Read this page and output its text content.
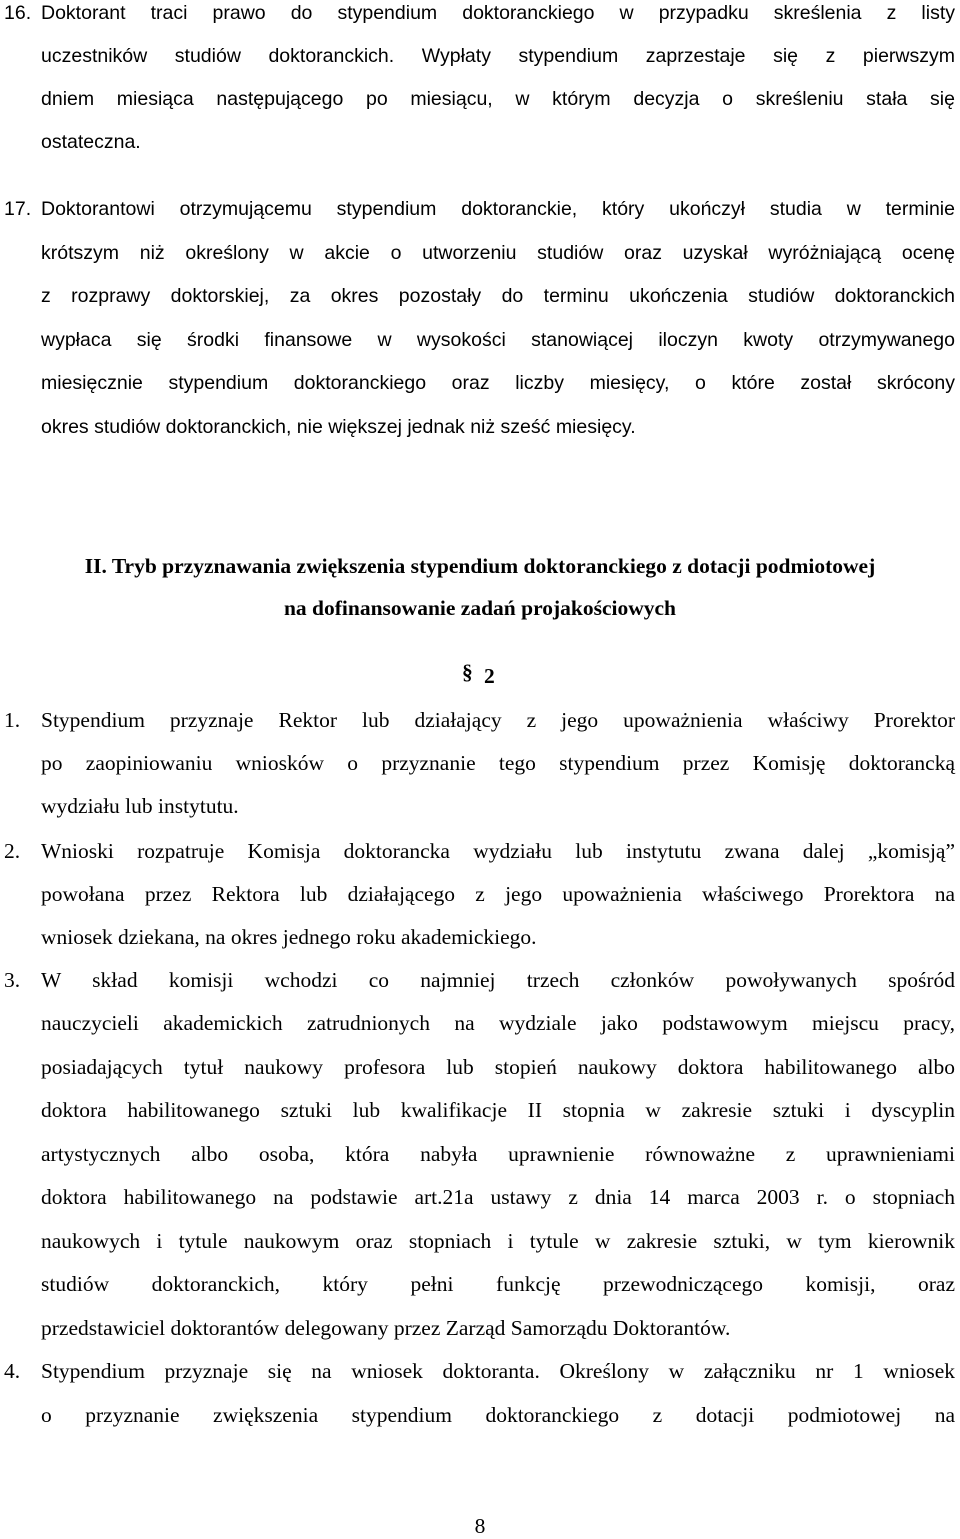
16. Doktorant traci prawo do stypendium doktoranckiego w przypadku skreślenia z listy
uczestników studiów doktoranckich. Wypłaty stypendium zaprzestaje się z pierwszym
dniem miesiąca następującego po miesiącu, w którym decyzja o skreśleniu stała się
ostateczna.
17. Doktorantowi otrzymującemu stypendium doktoranckie, który ukończył studia w terminie
krótszym niż określony w akcie o utworzeniu studiów oraz uzyskał wyróżniającą ocenę
z rozprawy doktorskiej, za okres pozostały do terminu ukończenia studiów doktoranckich
wypłaca się środki finansowe w wysokości stanowiącej iloczyn kwoty otrzymywanego
miesięcznie stypendium doktoranckiego oraz liczby miesięcy, o które został skrócony
okres studiów doktoranckich, nie większej jednak niż sześć miesięcy.
II. Tryb przyznawania zwiększenia stypendium doktoranckiego z dotacji podmiotowej
na dofinansowanie zadań projakościowych
§ 2
1. Stypendium przyznaje Rektor lub działający z jego upoważnienia właściwy Prorektor
po zaopiniowaniu wniosków o przyznanie tego stypendium przez Komisję doktorancką
wydziału lub instytutu.
2. Wnioski rozpatruje Komisja doktorancka wydziału lub instytutu zwana dalej „komisją”
powołana przez Rektora lub działającego z jego upoważnienia właściwego Prorektora na
wniosek dziekana, na okres jednego roku akademickiego.
3. W skład komisji wchodzi co najmniej trzech członków powoływanych spośród
nauczycieli akademickich zatrudnionych na wydziale jako podstawowym miejscu pracy,
posiadających tytuł naukowy profesora lub stopień naukowy doktora habilitowanego albo
doktora habilitowanego sztuki lub kwalifikacje II stopnia w zakresie sztuki i dyscyplin
artystycznych albo osoba, która nabyła uprawnienie równoważne z uprawnieniami
doktora habilitowanego na podstawie art.21a ustawy z dnia 14 marca 2003 r. o stopniach
naukowych i tytule naukowym oraz stopniach i tytule w zakresie sztuki, w tym kierownik
studiów doktoranckich, który pełni funkcję przewodniczącego komisji, oraz
przedstawiciel doktorantów delegowany przez Zarząd Samorządu Doktorantów.
4. Stypendium przyznaje się na wniosek doktoranta. Określony w załączniku nr 1 wniosek
o przyznanie zwiększenia stypendium doktoranckiego z dotacji podmiotowej na
8
